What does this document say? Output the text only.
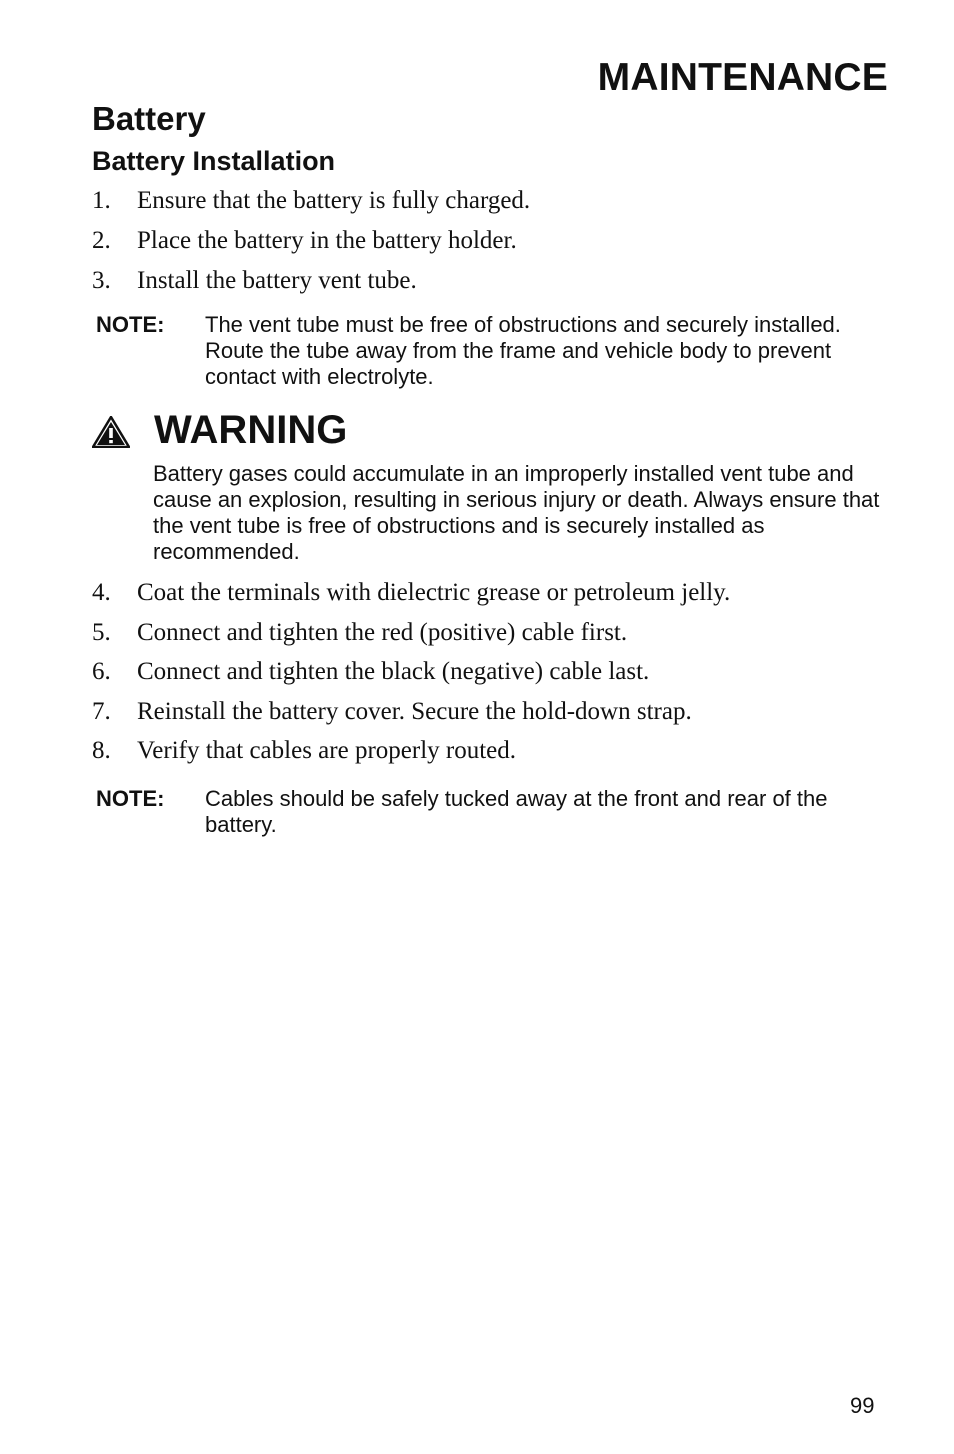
MAINTENANCE
Battery
Battery Installation
1. Ensure that the battery is fully charged.
2. Place the battery in the battery holder.
3. Install the battery vent tube.
NOTE: The vent tube must be free of obstructions and securely installed. Route the tube away from the frame and vehicle body to prevent contact with electrolyte.
WARNING
Battery gases could accumulate in an improperly installed vent tube and cause an explosion, resulting in serious injury or death. Always ensure that the vent tube is free of obstructions and is securely installed as recommended.
4. Coat the terminals with dielectric grease or petroleum jelly.
5. Connect and tighten the red (positive) cable first.
6. Connect and tighten the black (negative) cable last.
7. Reinstall the battery cover. Secure the hold-down strap.
8. Verify that cables are properly routed.
NOTE: Cables should be safely tucked away at the front and rear of the battery.
99
